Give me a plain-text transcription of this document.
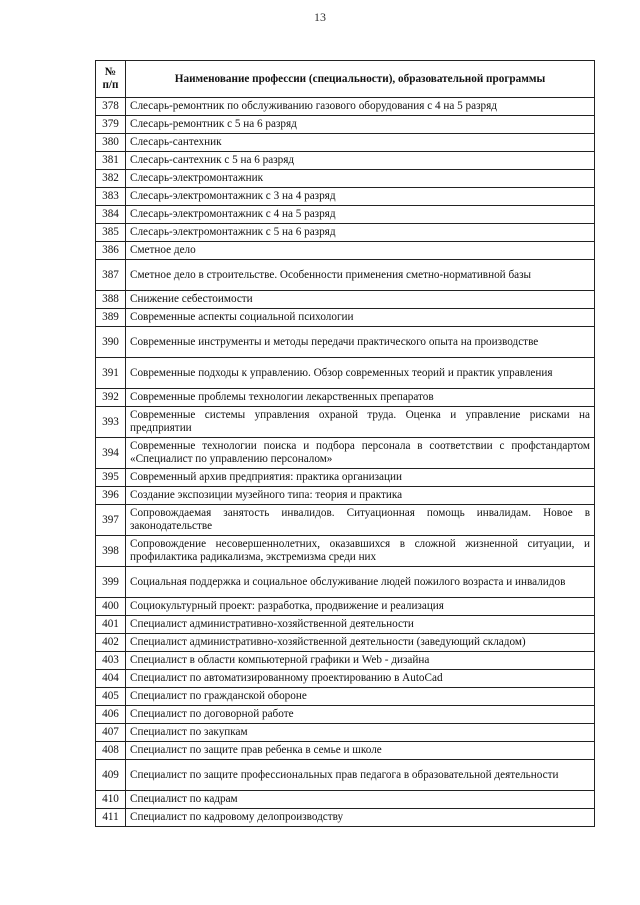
13
№ п/п	Наименование профессии (специальности), образовательной программы
378	Слесарь-ремонтник по обслуживанию газового оборудования с 4 на 5 разряд
379	Слесарь-ремонтник с 5 на 6 разряд
380	Слесарь-сантехник
381	Слесарь-сантехник с 5 на 6 разряд
382	Слесарь-электромонтажник
383	Слесарь-электромонтажник с 3 на 4 разряд
384	Слесарь-электромонтажник с 4 на 5 разряд
385	Слесарь-электромонтажник с 5 на 6 разряд
386	Сметное дело
387	Сметное дело в строительстве. Особенности применения сметно-нормативной базы
388	Снижение себестоимости
389	Современные аспекты социальной психологии
390	Современные инструменты и методы передачи практического опыта на производстве
391	Современные подходы к управлению. Обзор современных теорий и практик управления
392	Современные проблемы технологии лекарственных препаратов
393	Современные системы управления охраной труда. Оценка и управление рисками на предприятии
394	Современные технологии поиска и подбора персонала в соответствии с профстандартом «Специалист по управлению персоналом»
395	Современный архив предприятия: практика организации
396	Создание экспозиции музейного типа: теория и практика
397	Сопровождаемая занятость инвалидов. Ситуационная помощь инвалидам. Новое в законодательстве
398	Сопровождение несовершеннолетних, оказавшихся в сложной жизненной ситуации, и профилактика радикализма, экстремизма среди них
399	Социальная поддержка и социальное обслуживание людей пожилого возраста и инвалидов
400	Социокультурный проект: разработка, продвижение и реализация
401	Специалист административно-хозяйственной деятельности
402	Специалист административно-хозяйственной деятельности (заведующий складом)
403	Специалист в области компьютерной графики и Web - дизайна
404	Специалист по автоматизированному проектированию в AutoCad
405	Специалист по гражданской обороне
406	Специалист по договорной работе
407	Специалист по закупкам
408	Специалист по защите прав ребенка в семье и школе
409	Специалист по защите профессиональных прав педагога в образовательной деятельности
410	Специалист по кадрам
411	Специалист по кадровому делопроизводству
